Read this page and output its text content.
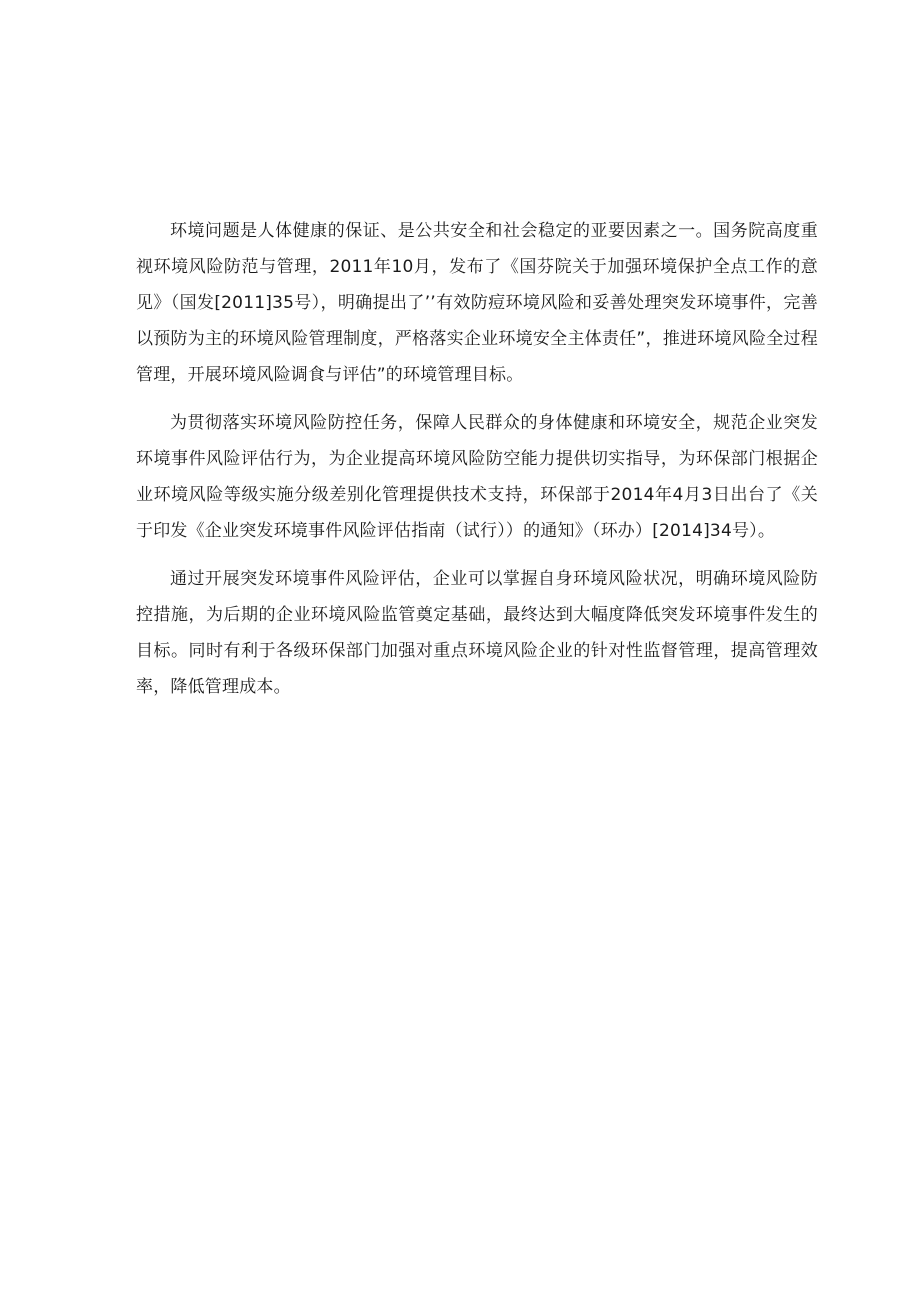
环境问题是人体健康的保证、是公共安全和社会稳定的亚要因素之一。国务院高度重视环境风险防范与管理，2011年10月，发布了《国芬院关于加强环境保护全点工作的意见》（国发[2011]35号），明确提出了’’有效防痘环境风险和妥善处理突发环境事件，完善以预防为主的环境风险管理制度，严格落实企业环境安全主体责任”，推进环境风险全过程管理，开展环境风险调食与评估”的环境管理目标。

为贯彻落实环境风险防控任务，保障人民群众的身体健康和环境安全，规范企业突发环境事件风险评估行为，为企业提高环境风险防空能力提供切实指导，为环保部门根据企业环境风险等级实施分级差别化管理提供技术支持，环保部于2014年4月3日出台了《关于印发《企业突发环境事件风险评估指南（试行））的通知》（环办）[2014]34号）。

通过开展突发环境事件风险评估，企业可以掌握自身环境风险状况，明确环境风险防控措施，为后期的企业环境风险监管奠定基础，最终达到大幅度降低突发环境事件发生的目标。同时有利于各级环保部门加强对重点环境风险企业的针对性监督管理，提高管理效率，降低管理成本。
